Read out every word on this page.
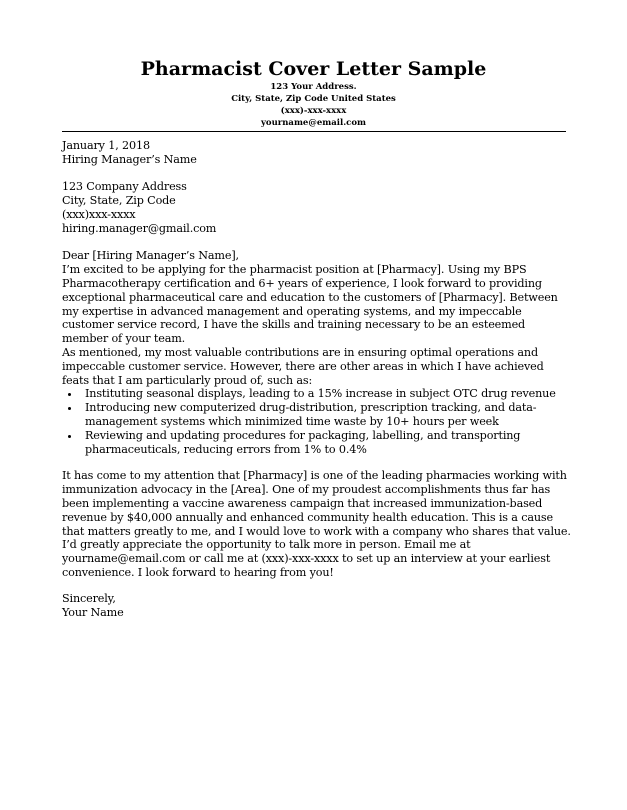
Pharmacist Cover Letter Sample
123 Your Address.
City, State, Zip Code United States
(xxx)-xxx-xxxx
yourname@email.com

January 1, 2018

Hiring Manager’s Name

123 Company Address

City, State, Zip Code

(xxx)xxx-xxxx

hiring.manager@gmail.com

Dear [Hiring Manager’s Name],

I’m excited to be applying for the pharmacist position at [Pharmacy]. Using my BPS Pharmacotherapy certification and 6+ years of experience, I look forward to providing exceptional pharmaceutical care and education to the customers of [Pharmacy]. Between my expertise in advanced management and operating systems, and my impeccable customer service record, I have the skills and training necessary to be an esteemed member of your team.

As mentioned, my most valuable contributions are in ensuring optimal operations and impeccable customer service. However, there are other areas in which I have achieved feats that I am particularly proud of, such as:

• Instituting seasonal displays, leading to a 15% increase in subject OTC drug revenue
• Introducing new computerized drug-distribution, prescription tracking, and data-management systems which minimized time waste by 10+ hours per week
• Reviewing and updating procedures for packaging, labelling, and transporting pharmaceuticals, reducing errors from 1% to 0.4%

It has come to my attention that [Pharmacy] is one of the leading pharmacies working with immunization advocacy in the [Area]. One of my proudest accomplishments thus far has been implementing a vaccine awareness campaign that increased immunization-based revenue by $40,000 annually and enhanced community health education. This is a cause that matters greatly to me, and I would love to work with a company who shares that value.

I’d greatly appreciate the opportunity to talk more in person. Email me at yourname@email.com or call me at (xxx)-xxx-xxxx to set up an interview at your earliest convenience. I look forward to hearing from you!

Sincerely,

Your Name
